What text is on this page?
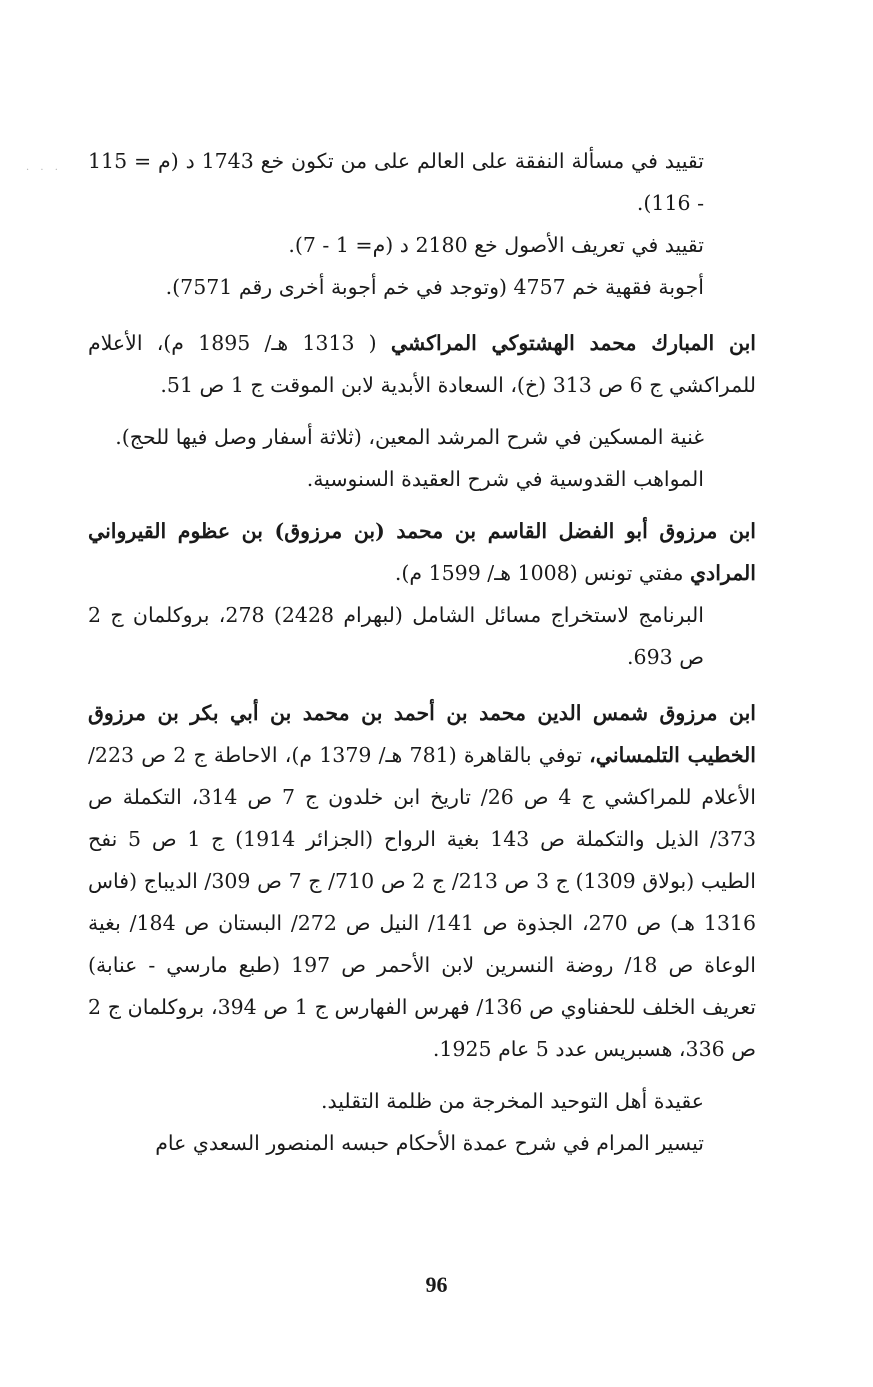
· · · تقييد في مسألة النفقة على العالم على من تكون خع 1743 د (م = 115 - 116).

تقييد في تعريف الأصول خع 2180 د (م= 1 - 7).

أجوبة فقهية خم 4757 (وتوجد في خم أجوبة أخرى رقم 7571).

ابن المبارك محمد الهشتوكي المراكشي ( 1313 هـ/ 1895 م)، الأعلام للمراكشي ج 6 ص 313 (خ)، السعادة الأبدية لابن الموقت ج 1 ص 51.

غنية المسكين في شرح المرشد المعين، (ثلاثة أسفار وصل فيها للحج).

المواهب القدوسية في شرح العقيدة السنوسية.

ابن مرزوق أبو الفضل القاسم بن محمد (بن مرزوق) بن عظوم القيرواني المرادي مفتي تونس (1008 هـ/ 1599 م).

البرنامج لاستخراج مسائل الشامل (لبهرام 2428) 278، بروكلمان ج 2 ص 693.

ابن مرزوق شمس الدين محمد بن أحمد بن محمد بن أبي بكر بن مرزوق الخطيب التلمساني، توفي بالقاهرة (781 هـ/ 1379 م)، الاحاطة ج 2 ص 223/ الأعلام للمراكشي ج 4 ص 26/ تاريخ ابن خلدون ج 7 ص 314، التكملة ص 373/ الذيل والتكملة ص 143 بغية الرواح (الجزائر 1914) ج 1 ص 5 نفح الطيب (بولاق 1309) ج 3 ص 213/ ج 2 ص 710/ ج 7 ص 309/ الديباج (فاس 1316 هـ) ص 270، الجذوة ص 141/ النيل ص 272/ البستان ص 184/ بغية الوعاة ص 18/ روضة النسرين لابن الأحمر ص 197 (طبع مارسي - عنابة) تعريف الخلف للحفناوي ص 136/ فهرس الفهارس ج 1 ص 394، بروكلمان ج 2 ص 336، هسبريس عدد 5 عام 1925.

عقيدة أهل التوحيد المخرجة من ظلمة التقليد.

تيسير المرام في شرح عمدة الأحكام حبسه المنصور السعدي عام

96
